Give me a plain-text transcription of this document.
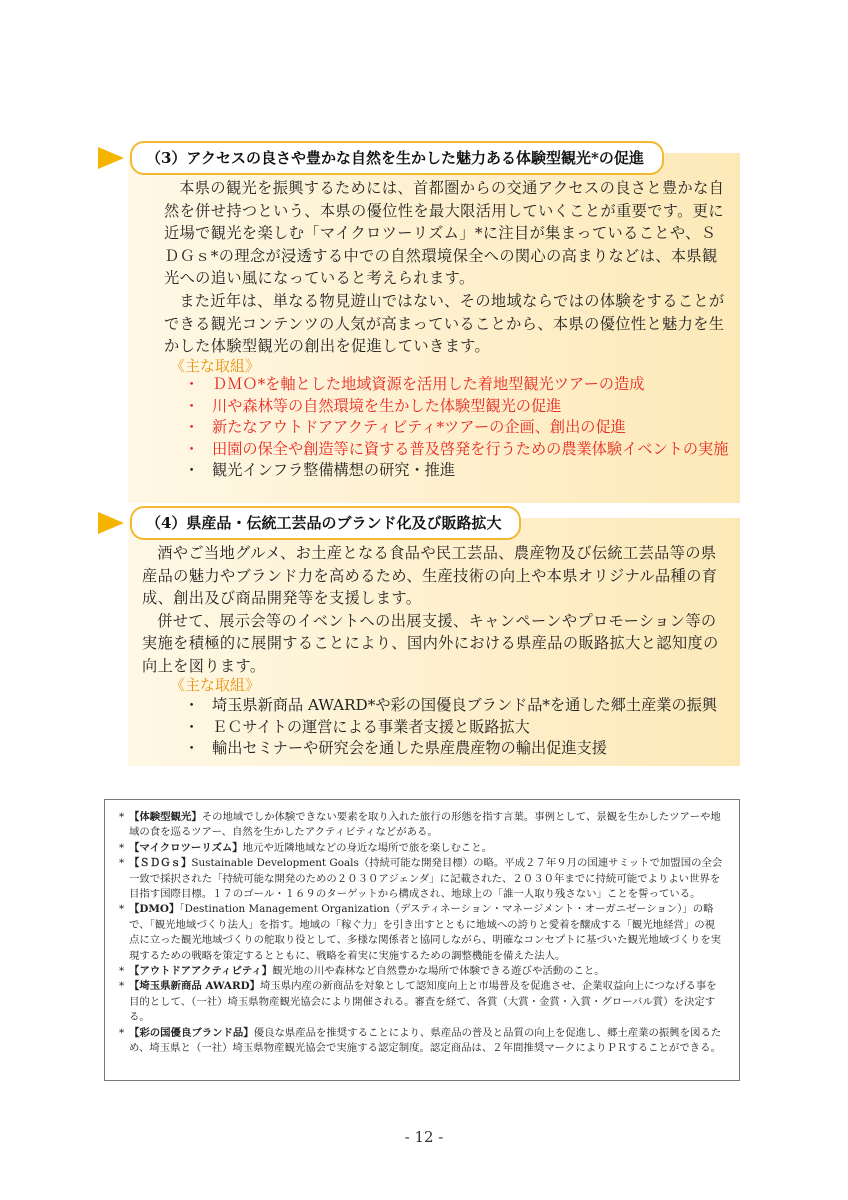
（3）アクセスの良さや豊かな自然を生かした魅力ある体験型観光*の促進

本県の観光を振興するためには、首都圏からの交通アクセスの良さと豊かな自然を併せ持つという、本県の優位性を最大限活用していくことが重要です。更に近場で観光を楽しむ「マイクロツーリズム」*に注目が集まっていることや、ＳＤＧｓ*の理念が浸透する中での自然環境保全への関心の高まりなどは、本県観光への追い風になっていると考えられます。

また近年は、単なる物見遊山ではない、その地域ならではの体験をすることができる観光コンテンツの人気が高まっていることから、本県の優位性と魅力を生かした体験型観光の創出を促進していきます。

《主な取組》
・ ＤＭＯ*を軸とした地域資源を活用した着地型観光ツアーの造成
・ 川や森林等の自然環境を生かした体験型観光の促進
・ 新たなアウトドアアクティビティ*ツアーの企画、創出の促進
・ 田園の保全や創造等に資する普及啓発を行うための農業体験イベントの実施
・ 観光インフラ整備構想の研究・推進
（4）県産品・伝統工芸品のブランド化及び販路拡大

酒やご当地グルメ、お土産となる食品や民工芸品、農産物及び伝統工芸品等の県産品の魅力やブランド力を高めるため、生産技術の向上や本県オリジナル品種の育成、創出及び商品開発等を支援します。

併せて、展示会等のイベントへの出展支援、キャンペーンやプロモーション等の実施を積極的に展開することにより、国内外における県産品の販路拡大と認知度の向上を図ります。

《主な取組》
・ 埼玉県新商品 AWARD*や彩の国優良ブランド品*を通した郷土産業の振興
・ ＥＣサイトの運営による事業者支援と販路拡大
・ 輸出セミナーや研究会を通した県産農産物の輸出促進支援

* 【体験型観光】その地域でしか体験できない要素を取り入れた旅行の形態を指す言葉。事例として、景観を生かしたツアーや地域の食を巡るツアー、自然を生かしたアクティビティなどがある。

* 【マイクロツーリズム】地元や近隣地域などの身近な場所で旅を楽しむこと。

* 【ＳＤＧｓ】Sustainable Development Goals（持続可能な開発目標）の略。平成２７年９月の国連サミットで加盟国の全会一致で採択された「持続可能な開発のための２０３０アジェンダ」に記載された、２０３０年までに持続可能でよりよい世界を目指す国際目標。１７のゴール・１６９のターゲットから構成され、地球上の「誰一人取り残さない」ことを誓っている。

* 【DMO】「Destination Management Organization（デスティネーション・マネージメント・オーガニゼーション）」の略で、「観光地域づくり法人」を指す。地域の「稼ぐ力」を引き出すとともに地域への誇りと愛着を醸成する「観光地経営」の視点に立った観光地域づくりの舵取り役として、多様な関係者と協同しながら、明確なコンセプトに基づいた観光地域づくりを実現するための戦略を策定するとともに、戦略を着実に実施するための調整機能を備えた法人。

* 【アウトドアアクティビティ】観光地の川や森林など自然豊かな場所で体験できる遊びや活動のこと。

* 【埼玉県新商品 AWARD】埼玉県内産の新商品を対象として認知度向上と市場普及を促進させ、企業収益向上につなげる事を目的として、（一社）埼玉県物産観光協会により開催される。審査を経て、各賞（大賞・金賞・入賞・グローバル賞）を決定する。

* 【彩の国優良ブランド品】優良な県産品を推奨することにより、県産品の普及と品質の向上を促進し、郷土産業の振興を図るため、埼玉県と（一社）埼玉県物産観光協会で実施する認定制度。認定商品は、２年間推奨マークによりＰＲすることができる。

- 12 -
